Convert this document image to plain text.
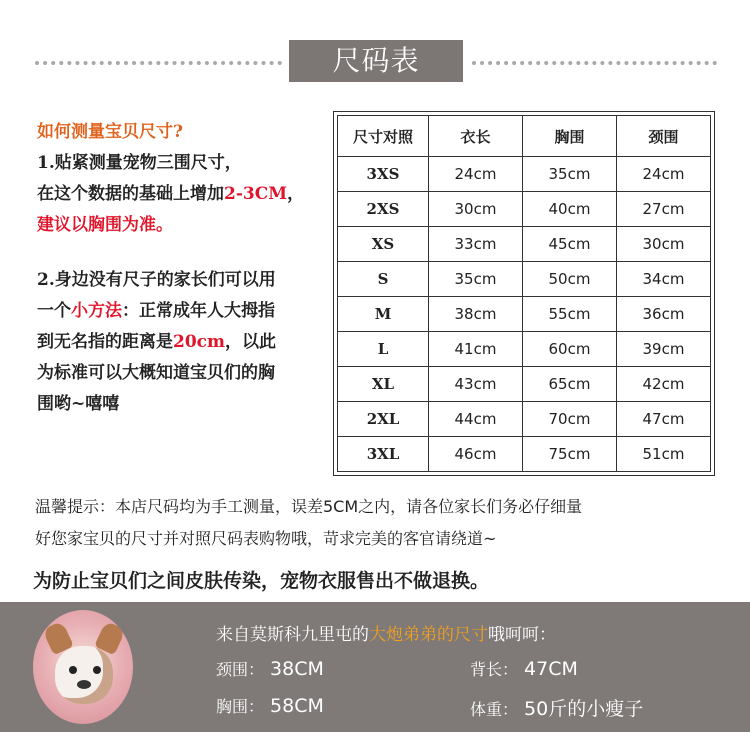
尺码表
如何测量宝贝尺寸?
1.贴紧测量宠物三围尺寸，
在这个数据的基础上增加2-3CM，
建议以胸围为准。
2.身边没有尺子的家长们可以用
一个小方法：正常成年人大拇指
到无名指的距离是20cm，以此
为标准可以大概知道宝贝们的胸
围哟~嘻嘻
尺寸对照	衣长	胸围	颈围
3XS	24cm	35cm	24cm
2XS	30cm	40cm	27cm
XS	33cm	45cm	30cm
S	35cm	50cm	34cm
M	38cm	55cm	36cm
L	41cm	60cm	39cm
XL	43cm	65cm	42cm
2XL	44cm	70cm	47cm
3XL	46cm	75cm	51cm
温馨提示：本店尺码均为手工测量，误差5CM之内，请各位家长们务必仔细量
好您家宝贝的尺寸并对照尺码表购物哦，苛求完美的客官请绕道~
为防止宝贝们之间皮肤传染，宠物衣服售出不做退换。
来自莫斯科九里屯的大炮弟弟的尺寸哦呵呵：
颈围： 38CM	背长： 47CM
胸围： 58CM	体重： 50斤的小瘦子
